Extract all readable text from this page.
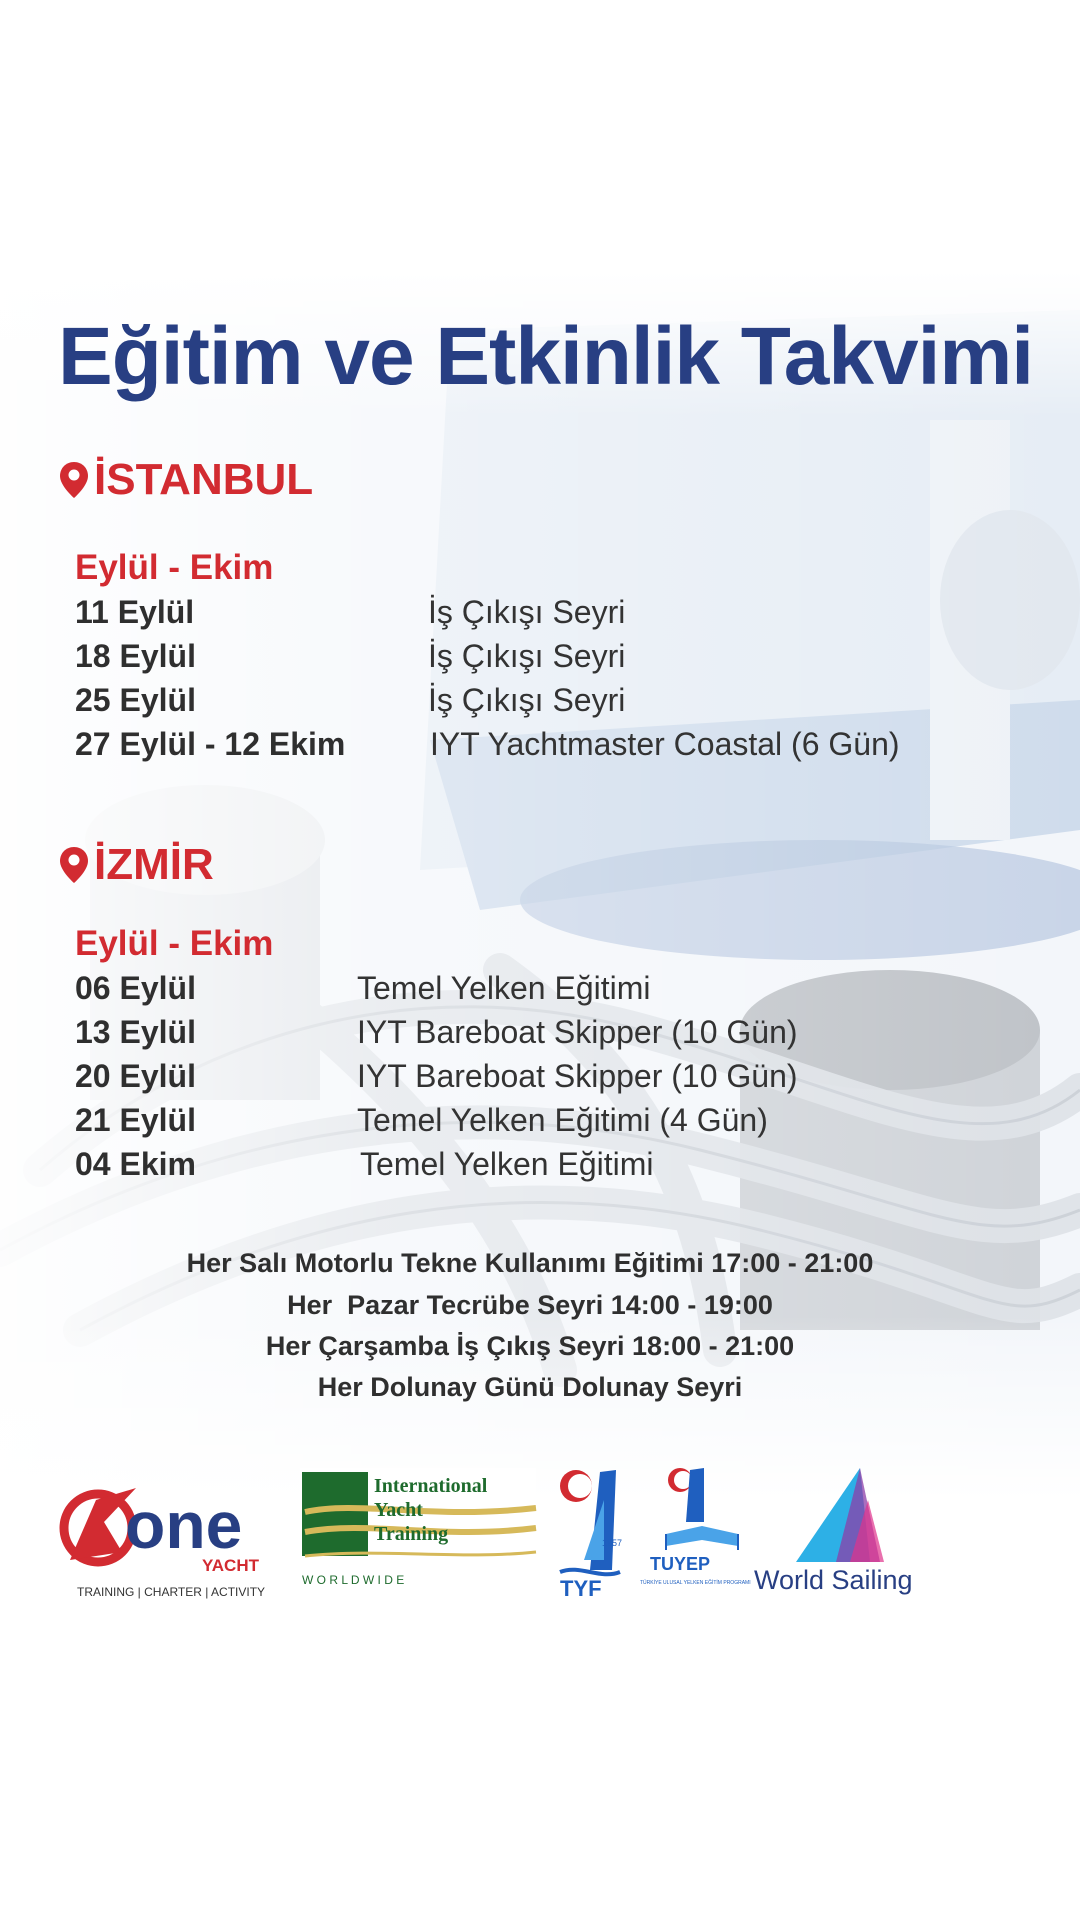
Eğitim ve Etkinlik Takvimi
İSTANBUL
Eylül - Ekim
11 Eylül	İş Çıkışı Seyri
18 Eylül	İş Çıkışı Seyri
25 Eylül	İş Çıkışı Seyri
27 Eylül - 12 Ekim	IYT Yachtmaster Coastal (6 Gün)
İZMİR
Eylül - Ekim
06 Eylül	Temel Yelken Eğitimi
13 Eylül	IYT Bareboat Skipper (10 Gün)
20 Eylül	IYT Bareboat Skipper (10 Gün)
21 Eylül	Temel Yelken Eğitimi (4 Gün)
04 Ekim	Temel Yelken Eğitimi
Her Salı Motorlu Tekne Kullanımı Eğitimi 17:00 - 21:00
Her  Pazar Tecrübe Seyri 14:00 - 19:00
Her Çarşamba İş Çıkış Seyri 18:00 - 21:00
Her Dolunay Günü Dolunay Seyri
one
YACHT
TRAINING | CHARTER | ACTIVITY
International
Yacht
Training
W O R L D W I D E
1957
TYF
TUYEP
TÜRKİYE ULUSAL YELKEN EĞİTİM PROGRAMI World Sailing
